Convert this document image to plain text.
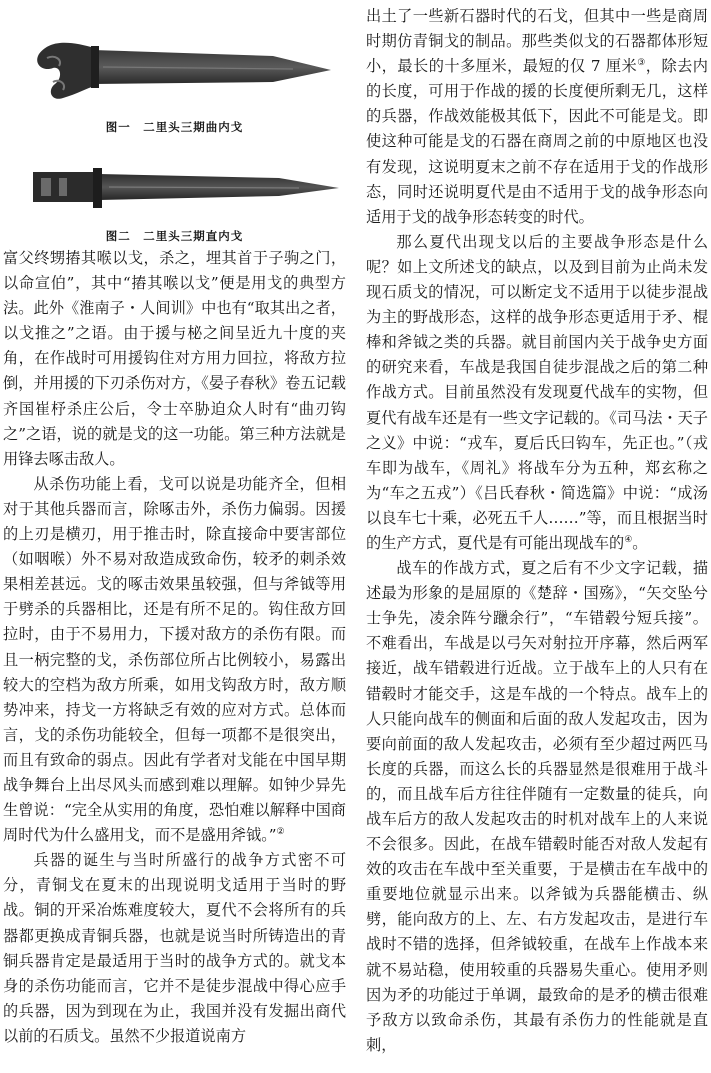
图一　二里头三期曲内戈
图二　二里头三期直内戈

富父终甥摏其喉以戈，杀之，埋其首于子驹之门，以命宣伯”，其中“摏其喉以戈”便是用戈的典型方法。此外《淮南子・人间训》中也有“取其出之者，以戈推之”之语。由于援与柲之间呈近九十度的夹角，在作战时可用援钩住对方用力回拉，将敌方拉倒，并用援的下刃杀伤对方，《晏子春秋》卷五记载齐国崔杼杀庄公后，令士卒胁迫众人时有“曲刃钩之”之语，说的就是戈的这一功能。第三种方法就是用锋去啄击敌人。

从杀伤功能上看，戈可以说是功能齐全，但相对于其他兵器而言，除啄击外，杀伤力偏弱。因援的上刃是横刃，用于推击时，除直接命中要害部位（如咽喉）外不易对敌造成致命伤，较矛的刺杀效果相差甚远。戈的啄击效果虽较强，但与斧钺等用于劈杀的兵器相比，还是有所不足的。钩住敌方回拉时，由于不易用力，下援对敌方的杀伤有限。而且一柄完整的戈，杀伤部位所占比例较小，易露出较大的空档为敌方所乘，如用戈钩敌方时，敌方顺势冲来，持戈一方将缺乏有效的应对方式。总体而言，戈的杀伤功能较全，但每一项都不是很突出，而且有致命的弱点。因此有学者对戈能在中国早期战争舞台上出尽风头而感到难以理解。如钟少异先生曾说：“完全从实用的角度，恐怕难以解释中国商周时代为什么盛用戈，而不是盛用斧钺。”②

兵器的诞生与当时所盛行的战争方式密不可分，青铜戈在夏末的出现说明戈适用于当时的野战。铜的开采冶炼难度较大，夏代不会将所有的兵器都更换成青铜兵器，也就是说当时所铸造出的青铜兵器肯定是最适用于当时的战争方式的。就戈本身的杀伤功能而言，它并不是徒步混战中得心应手的兵器，因为到现在为止，我国并没有发掘出商代以前的石质戈。虽然不少报道说南方

出土了一些新石器时代的石戈，但其中一些是商周时期仿青铜戈的制品。那些类似戈的石器都体形短小，最长的十多厘米，最短的仅 7 厘米③，除去内的长度，可用于作战的援的长度便所剩无几，这样的兵器，作战效能极其低下，因此不可能是戈。即使这种可能是戈的石器在商周之前的中原地区也没有发现，这说明夏末之前不存在适用于戈的作战形态，同时还说明夏代是由不适用于戈的战争形态向适用于戈的战争形态转变的时代。

那么夏代出现戈以后的主要战争形态是什么呢？如上文所述戈的缺点，以及到目前为止尚未发现石质戈的情况，可以断定戈不适用于以徒步混战为主的野战形态，这样的战争形态更适用于矛、棍棒和斧钺之类的兵器。就目前国内关于战争史方面的研究来看，车战是我国自徒步混战之后的第二种作战方式。目前虽然没有发现夏代战车的实物，但夏代有战车还是有一些文字记载的。《司马法・天子之义》中说：“戎车，夏后氏曰钩车，先正也。”（戎车即为战车，《周礼》将战车分为五种，郑玄称之为“车之五戎”）《吕氏春秋・简选篇》中说：“成汤以良车七十乘，必死五千人……”等，而且根据当时的生产方式，夏代是有可能出现战车的④。

战车的作战方式，夏之后有不少文字记载，描述最为形象的是屈原的《楚辞・国殇》，“矢交坠兮士争先，凌余阵兮躐余行”，“车错毂兮短兵接”。不难看出，车战是以弓矢对射拉开序幕，然后两军接近，战车错毂进行近战。立于战车上的人只有在错毂时才能交手，这是车战的一个特点。战车上的人只能向战车的侧面和后面的敌人发起攻击，因为要向前面的敌人发起攻击，必须有至少超过两匹马长度的兵器，而这么长的兵器显然是很难用于战斗的，而且战车后方往往伴随有一定数量的徒兵，向战车后方的敌人发起攻击的时机对战车上的人来说不会很多。因此，在战车错毂时能否对敌人发起有效的攻击在车战中至关重要，于是横击在车战中的重要地位就显示出来。以斧钺为兵器能横击、纵劈，能向敌方的上、左、右方发起攻击，是进行车战时不错的选择，但斧钺较重，在战车上作战本来就不易站稳，使用较重的兵器易失重心。使用矛则因为矛的功能过于单调，最致命的是矛的横击很难予敌方以致命杀伤，其最有杀伤力的性能就是直刺，
